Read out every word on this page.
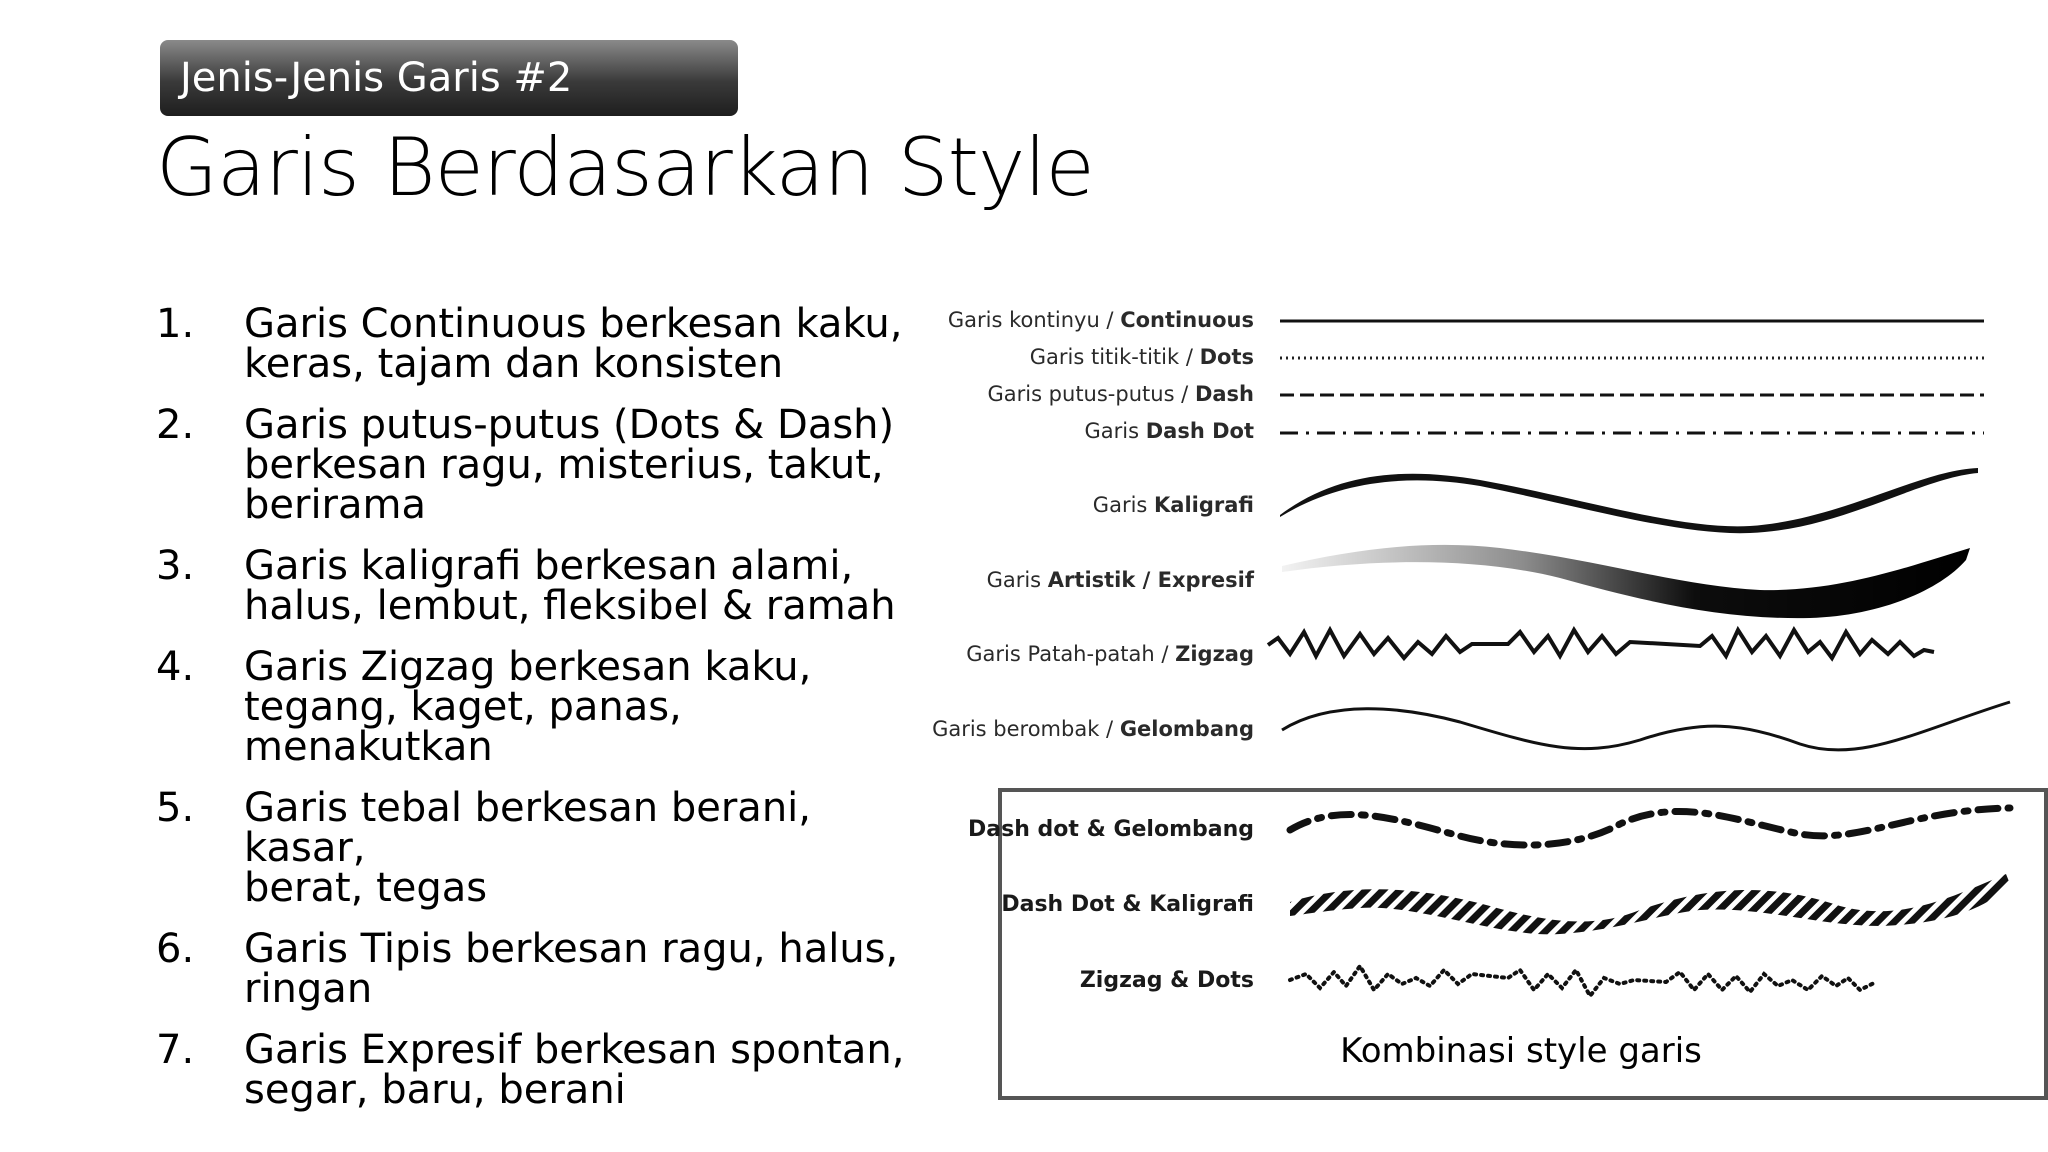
Jenis-Jenis Garis #2
Garis Berdasarkan Style
1. Garis Continuous berkesan kaku,
keras, tajam dan konsisten
2. Garis putus-putus (Dots & Dash)
berkesan ragu, misterius, takut,
berirama
3. Garis kaligrafi berkesan alami,
halus, lembut, fleksibel & ramah
4. Garis Zigzag berkesan kaku,
tegang, kaget, panas, menakutkan
5. Garis tebal berkesan berani, kasar,
berat, tegas
6. Garis Tipis berkesan ragu, halus,
ringan
7. Garis Expresif berkesan spontan,
segar, baru, berani
Garis kontinyu / Continuous
Garis titik-titik / Dots
Garis putus-putus / Dash
Garis Dash Dot
Garis Kaligrafi
Garis Artistik / Expresif
Garis Patah-patah / Zigzag
Garis berombak / Gelombang
Dash dot & Gelombang
Dash Dot & Kaligrafi
Zigzag & Dots
Kombinasi style garis
